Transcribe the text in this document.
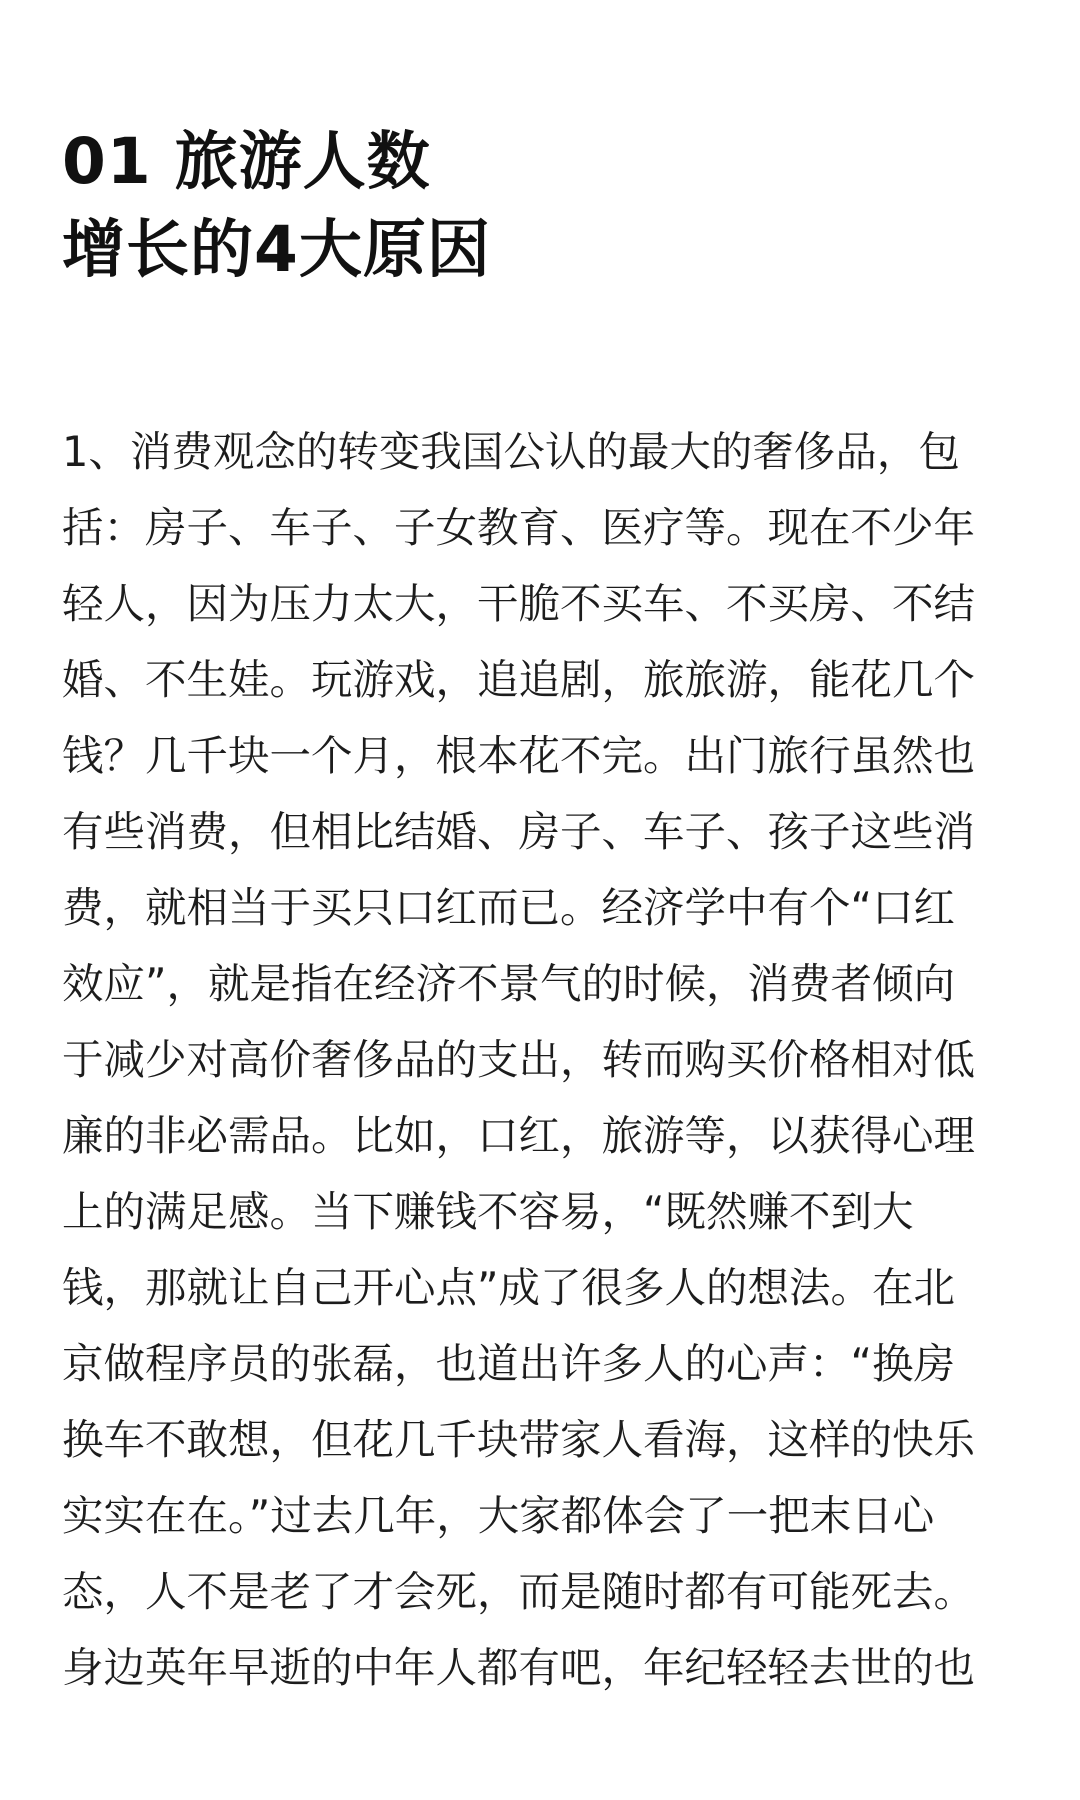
01 旅游人数
增长的4大原因
1、消费观念的转变我国公认的最大的奢侈品，包
括：房子、车子、子女教育、医疗等。现在不少年
轻人，因为压力太大，干脆不买车、不买房、不结
婚、不生娃。玩游戏，追追剧，旅旅游，能花几个
钱？几千块一个月，根本花不完。出门旅行虽然也
有些消费，但相比结婚、房子、车子、孩子这些消
费，就相当于买只口红而已。经济学中有个“口红
效应”，就是指在经济不景气的时候，消费者倾向
于减少对高价奢侈品的支出，转而购买价格相对低
廉的非必需品。比如，口红，旅游等，以获得心理
上的满足感。当下赚钱不容易，“既然赚不到大
钱，那就让自己开心点”成了很多人的想法。在北
京做程序员的张磊，也道出许多人的心声：“换房
换车不敢想，但花几千块带家人看海，这样的快乐
实实在在。”过去几年，大家都体会了一把末日心
态，人不是老了才会死，而是随时都有可能死去。
身边英年早逝的中年人都有吧，年纪轻轻去世的也
